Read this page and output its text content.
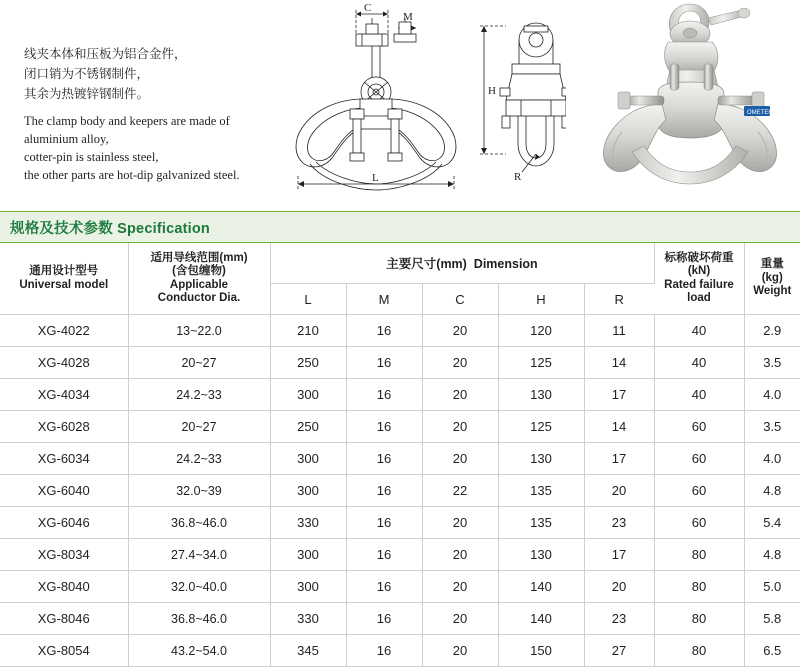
线夹本体和压板为铝合金件，
闭口销为不锈钢制件，
其余为热镀锌钢制件。
The clamp body and keepers are made of
aluminium alloy,
cotter-pin is stainless steel,
the other parts are hot-dip galvanized steel.
C
M
L
H
R
OMETER
规格及技术参数 Specification
通用设计型号
Universal model	适用导线范围(mm)
(含包缠物)
Applicable
Conductor Dia.	主要尺寸(mm) Dimension					标称破坏荷重
(kN)
Rated failure load	重量
(kg)
Weight

		L	M	C	H	R		
XG-4022	13~22.0	210	16	20	120	11	40	2.9
XG-4028	20~27	250	16	20	125	14	40	3.5
XG-4034	24.2~33	300	16	20	130	17	40	4.0
XG-6028	20~27	250	16	20	125	14	60	3.5
XG-6034	24.2~33	300	16	20	130	17	60	4.0
XG-6040	32.0~39	300	16	22	135	20	60	4.8
XG-6046	36.8~46.0	330	16	20	135	23	60	5.4
XG-8034	27.4~34.0	300	16	20	130	17	80	4.8
XG-8040	32.0~40.0	300	16	20	140	20	80	5.0
XG-8046	36.8~46.0	330	16	20	140	23	80	5.8
XG-8054	43.2~54.0	345	16	20	150	27	80	6.5
